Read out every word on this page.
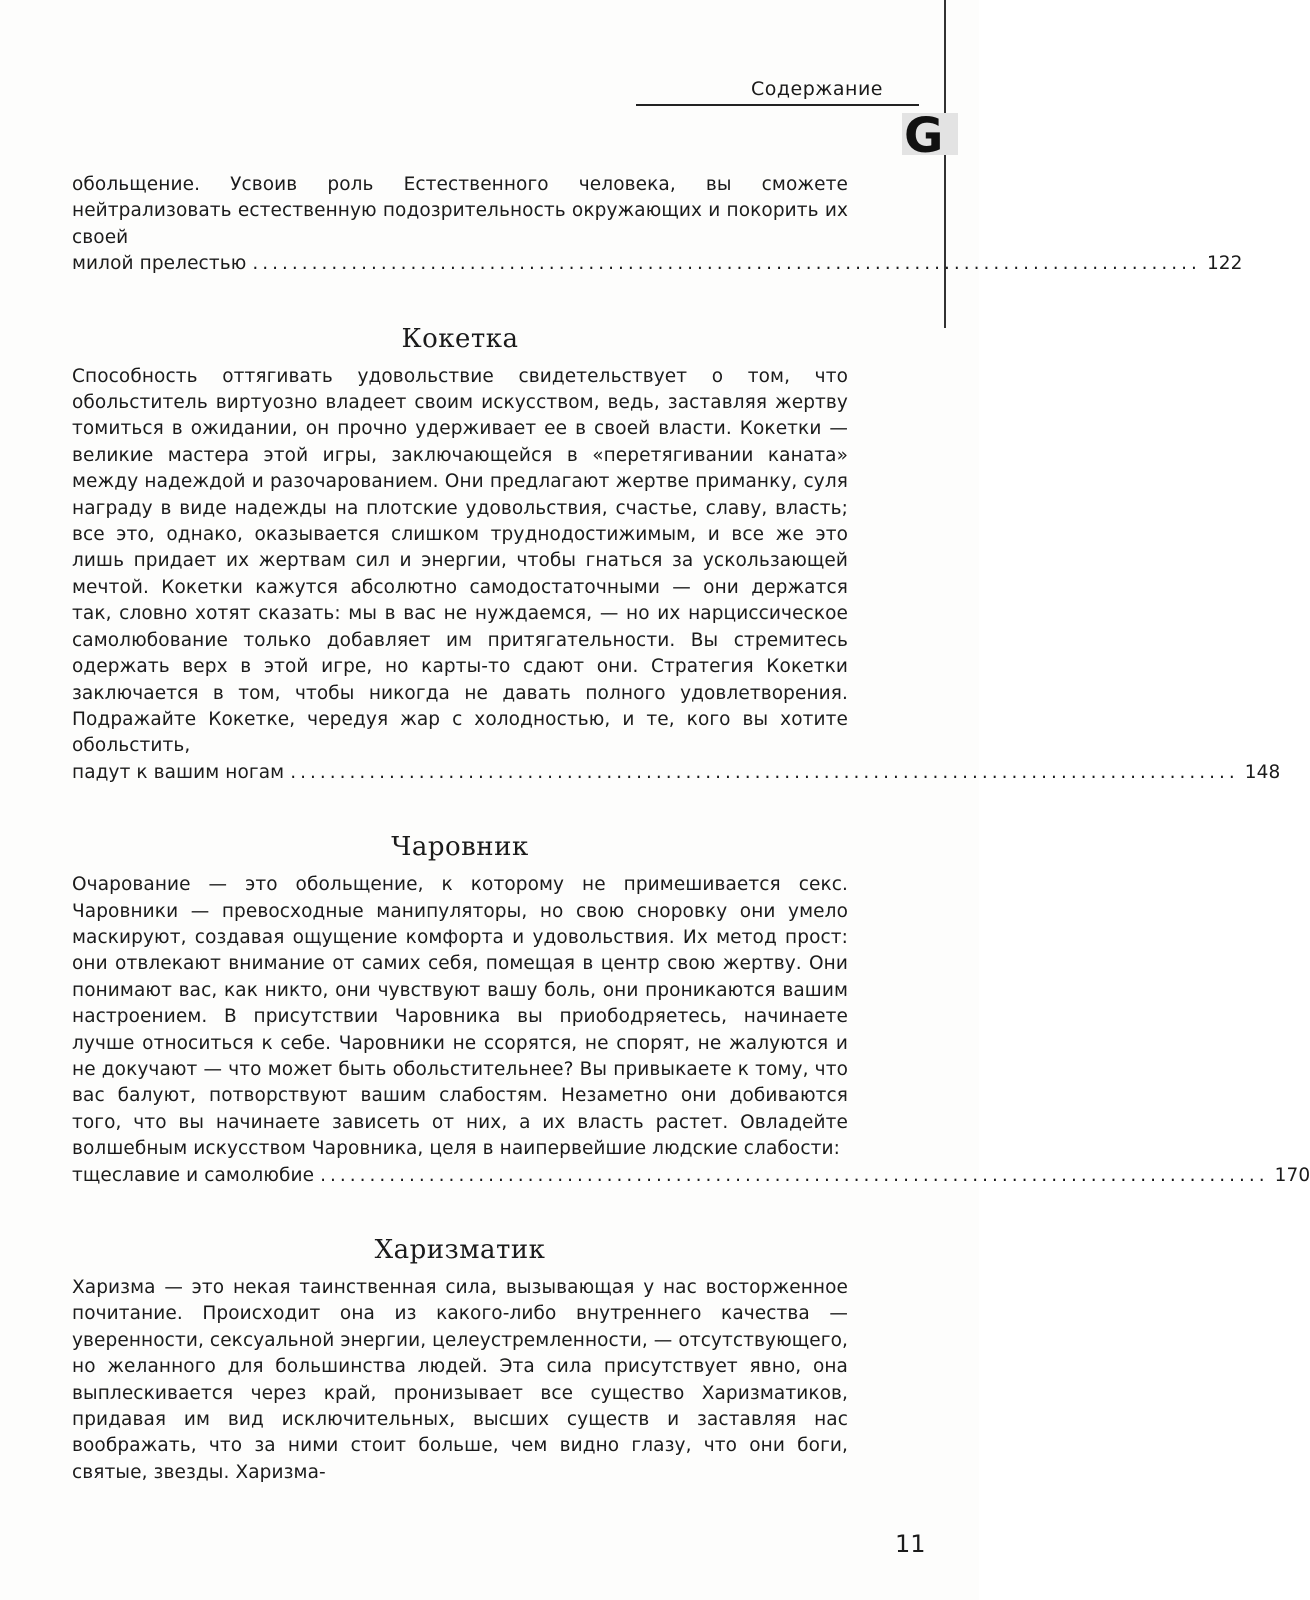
Содержание
G
обольщение. Усвоив роль Естественного человека, вы сможете нейтрализовать естественную подозрительность окружающих и покорить их своей
милой прелестью ................................................................................................ 122
Кокетка
Способность оттягивать удовольствие свидетельствует о том, что обольститель виртуозно владеет своим искусством, ведь, заставляя жертву томиться в ожидании, он прочно удерживает ее в своей власти. Кокетки — великие мастера этой игры, заключающейся в «перетягивании каната» между надеждой и разочарованием. Они предлагают жертве приманку, суля награду в виде надежды на плотские удовольствия, счастье, славу, власть; все это, однако, оказывается слишком труднодостижимым, и все же это лишь придает их жертвам сил и энергии, чтобы гнаться за ускользающей мечтой. Кокетки кажутся абсолютно самодостаточными — они держатся так, словно хотят сказать: мы в вас не нуждаемся, — но их нарциссическое самолюбование только добавляет им притягательности. Вы стремитесь одержать верх в этой игре, но карты-то сдают они. Стратегия Кокетки заключается в том, чтобы никогда не давать полного удовлетворения. Подражайте Кокетке, чередуя жар с холодностью, и те, кого вы хотите обольстить,
падут к вашим ногам ................................................................................................ 148
Чаровник
Очарование — это обольщение, к которому не примешивается секс. Чаровники — превосходные манипуляторы, но свою сноровку они умело маскируют, создавая ощущение комфорта и удовольствия. Их метод прост: они отвлекают внимание от самих себя, помещая в центр свою жертву. Они понимают вас, как никто, они чувствуют вашу боль, они проникаются вашим настроением. В присутствии Чаровника вы приободряетесь, начинаете лучше относиться к себе. Чаровники не ссорятся, не спорят, не жалуются и не докучают — что может быть обольстительнее? Вы привыкаете к тому, что вас балуют, потворствуют вашим слабостям. Незаметно они добиваются того, что вы начинаете зависеть от них, а их власть растет. Овладейте волшебным искусством Чаровника, целя в наипервейшие людские слабости:
тщеславие и самолюбие ................................................................................................ 170
Харизматик
Харизма — это некая таинственная сила, вызывающая у нас восторженное почитание. Происходит она из какого-либо внутреннего качества — уверенности, сексуальной энергии, целеустремленности, — отсутствующего, но желанного для большинства людей. Эта сила присутствует явно, она выплескивается через край, пронизывает все существо Харизматиков, придавая им вид исключительных, высших существ и заставляя нас воображать, что за ними стоит больше, чем видно глазу, что они боги, святые, звезды. Харизма-
11
